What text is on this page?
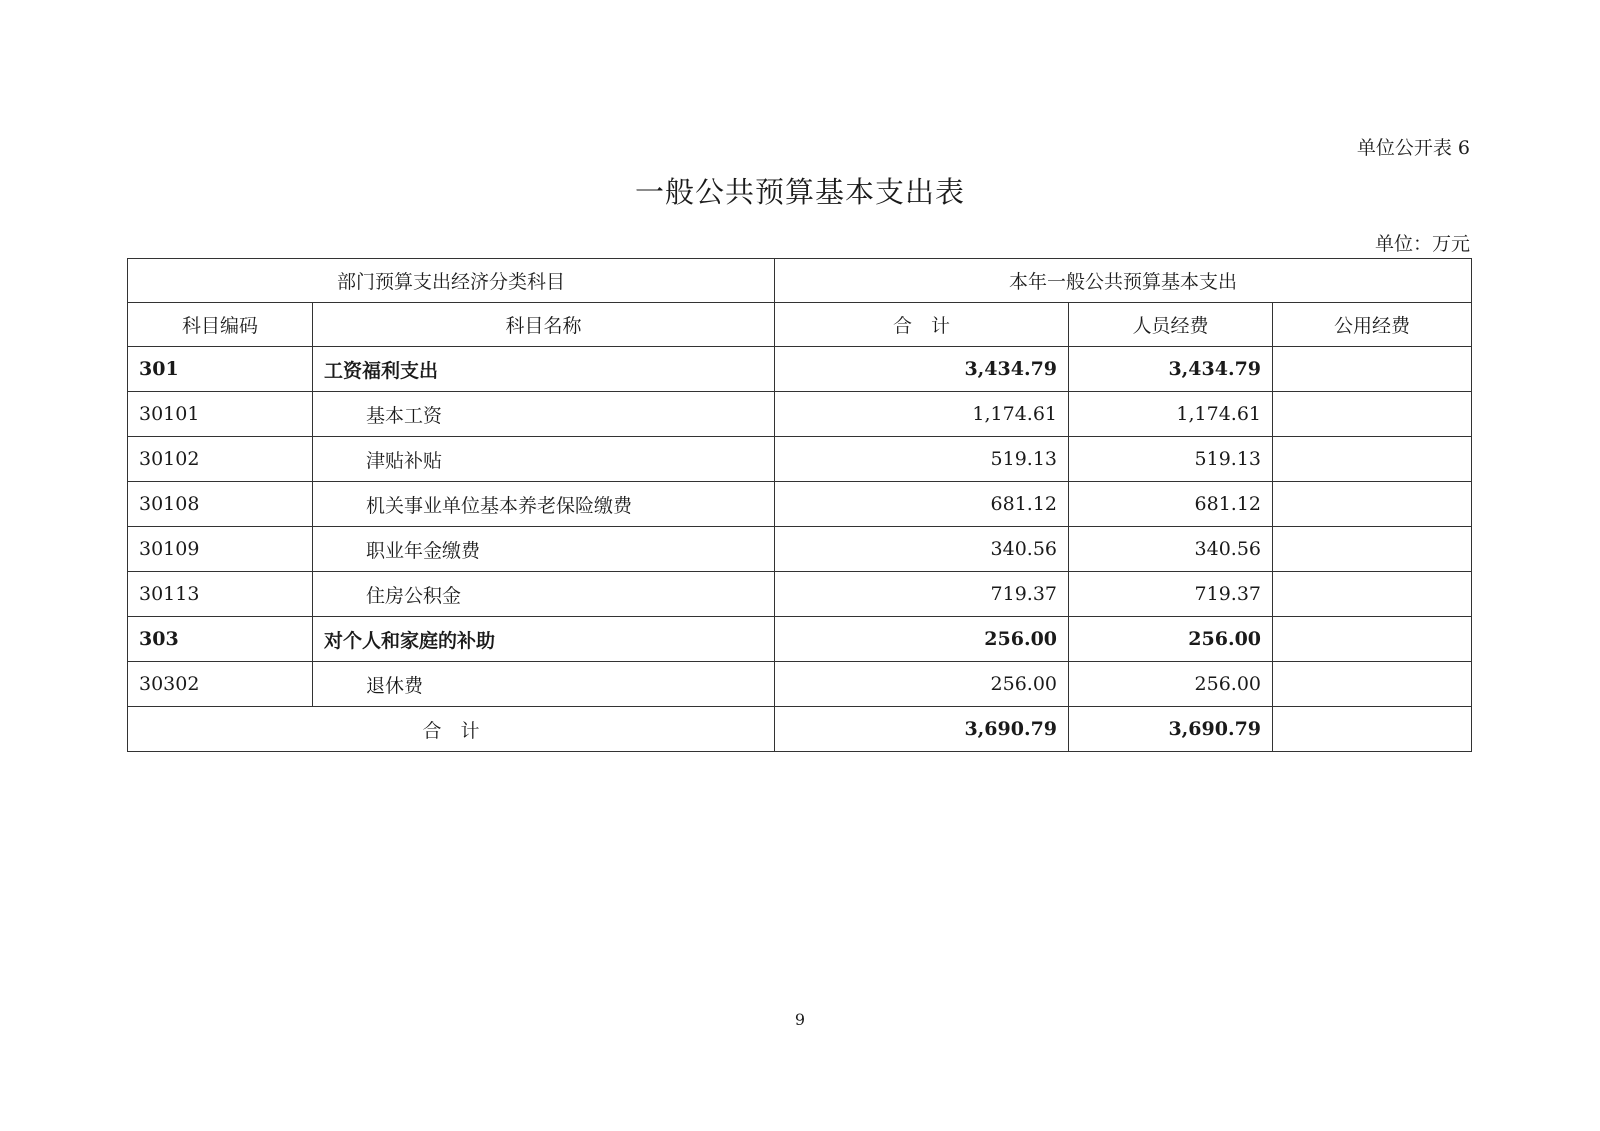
单位公开表 6
一般公共预算基本支出表
单位：万元
部门预算支出经济分类科目		本年一般公共预算基本支出		
科目编码	科目名称	合　计	人员经费	公用经费
301	工资福利支出	3,434.79	3,434.79	
30101	基本工资	1,174.61	1,174.61	
30102	津贴补贴	519.13	519.13	
30108	机关事业单位基本养老保险缴费	681.12	681.12	
30109	职业年金缴费	340.56	340.56	
30113	住房公积金	719.37	719.37	
303	对个人和家庭的补助	256.00	256.00	
30302	退休费	256.00	256.00	
合　计		3,690.79	3,690.79	
9
